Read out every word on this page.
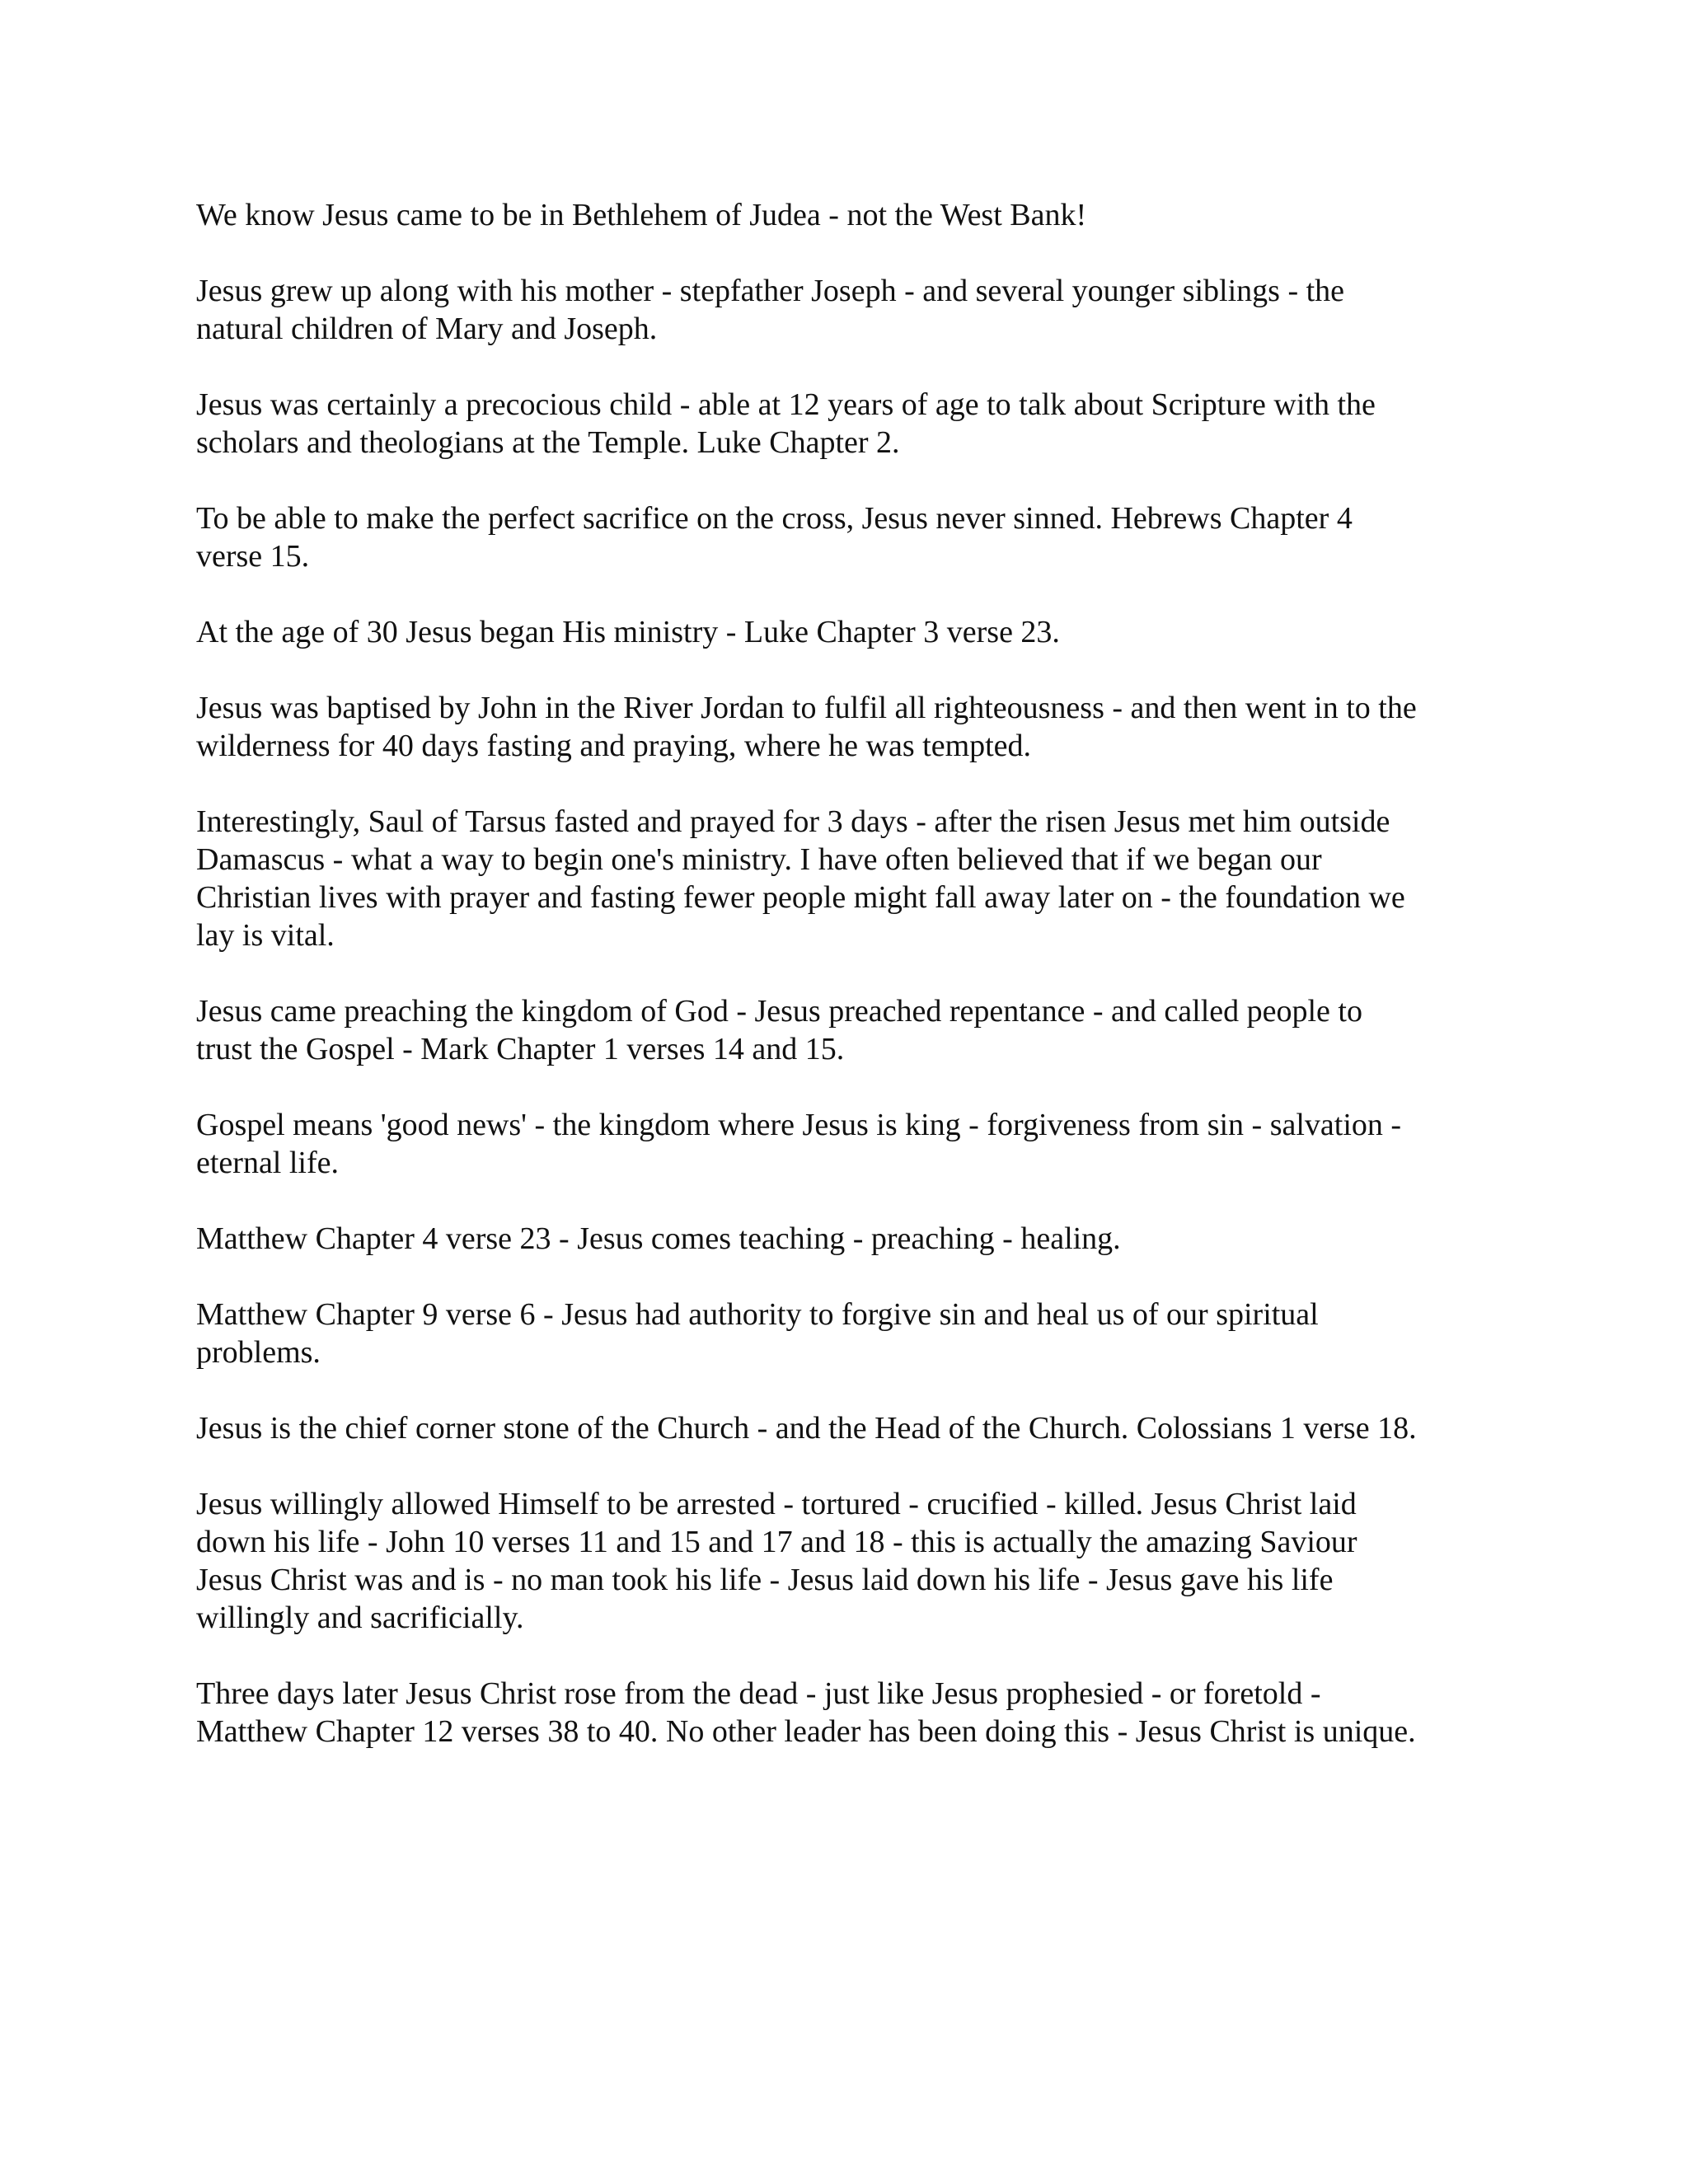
We know Jesus came to be in Bethlehem of Judea - not the West Bank!

Jesus grew up along with his mother - stepfather Joseph - and several younger siblings - the
natural children of Mary and Joseph.

Jesus was certainly a precocious child - able at 12 years of age to talk about Scripture with the
scholars and theologians at the Temple. Luke Chapter 2.

To be able to make the perfect sacrifice on the cross, Jesus never sinned. Hebrews Chapter 4
verse 15.

At the age of 30 Jesus began His ministry - Luke Chapter 3 verse 23.

Jesus was baptised by John in the River Jordan to fulfil all righteousness - and then went in to the
wilderness for 40 days fasting and praying, where he was tempted.

Interestingly, Saul of Tarsus fasted and prayed for 3 days - after the risen Jesus met him outside
Damascus - what a way to begin one's ministry. I have often believed that if we began our
Christian lives with prayer and fasting fewer people might fall away later on - the foundation we
lay is vital.

Jesus came preaching the kingdom of God - Jesus preached repentance - and called people to
trust the Gospel - Mark Chapter 1 verses 14 and 15.

Gospel means 'good news' - the kingdom where Jesus is king - forgiveness from sin - salvation -
eternal life.

Matthew Chapter 4 verse 23 - Jesus comes teaching - preaching - healing.

Matthew Chapter 9 verse 6 - Jesus had authority to forgive sin and heal us of our spiritual
problems.

Jesus is the chief corner stone of the Church - and the Head of the Church. Colossians 1 verse 18.

Jesus willingly allowed Himself to be arrested - tortured - crucified - killed. Jesus Christ laid
down his life - John 10 verses 11 and 15 and 17 and 18 - this is actually the amazing Saviour
Jesus Christ was and is - no man took his life - Jesus laid down his life - Jesus gave his life
willingly and sacrificially.

Three days later Jesus Christ rose from the dead - just like Jesus prophesied - or foretold -
Matthew Chapter 12 verses 38 to 40. No other leader has been doing this - Jesus Christ is unique.
